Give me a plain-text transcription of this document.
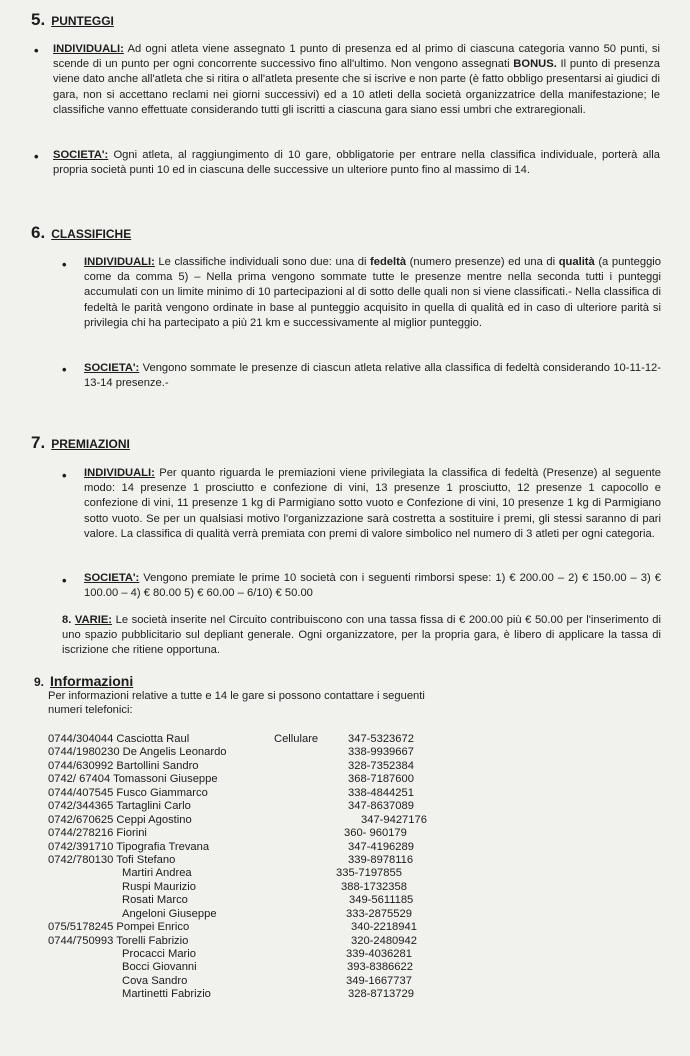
5. PUNTEGGI
• INDIVIDUALI: Ad ogni atleta viene assegnato 1 punto di presenza ed al primo di ciascuna categoria vanno 50 punti, si scende di un punto per ogni concorrente successivo fino all'ultimo. Non vengono assegnati BONUS. Il punto di presenza viene dato anche all'atleta che si ritira o all'atleta presente che si iscrive e non parte (è fatto obbligo presentarsi ai giudici di gara, non si accettano reclami nei giorni successivi) ed a 10 atleti della società organizzatrice della manifestazione; le classifiche vanno effettuate considerando tutti gli iscritti a ciascuna gara siano essi umbri che extraregionali.
• SOCIETA': Ogni atleta, al raggiungimento di 10 gare, obbligatorie per entrare nella classifica individuale, porterà alla propria società punti 10 ed in ciascuna delle successive un ulteriore punto fino al massimo di 14.
6. CLASSIFICHE
• INDIVIDUALI: Le classifiche individuali sono due: una di fedeltà (numero presenze) ed una di qualità (a punteggio come da comma 5) – Nella prima vengono sommate tutte le presenze mentre nella seconda tutti i punteggi accumulati con un limite minimo di 10 partecipazioni al di sotto delle quali non si viene classificati.- Nella classifica di fedeltà le parità vengono ordinate in base al punteggio acquisito in quella di qualità ed in caso di ulteriore parità si privilegia chi ha partecipato a più 21 km e successivamente al miglior punteggio.
• SOCIETA': Vengono sommate le presenze di ciascun atleta relative alla classifica di fedeltà considerando 10-11-12-13-14 presenze.-
7. PREMIAZIONI
• INDIVIDUALI: Per quanto riguarda le premiazioni viene privilegiata la classifica di fedeltà (Presenze) al seguente modo: 14 presenze 1 prosciutto e confezione di vini, 13 presenze 1 prosciutto, 12 presenze 1 capocollo e confezione di vini, 11 presenze 1 kg di Parmigiano sotto vuoto e Confezione di vini, 10 presenze 1 kg di Parmigiano sotto vuoto. Se per un qualsiasi motivo l'organizzazione sarà costretta a sostituire i premi, gli stessi saranno di pari valore. La classifica di qualità verrà premiata con premi di valore simbolico nel numero di 3 atleti per ogni categoria.
• SOCIETA': Vengono premiate le prime 10 società con i seguenti rimborsi spese: 1) € 200.00 – 2) € 150.00 – 3) € 100.00 – 4) € 80.00 5) € 60.00 – 6/10) € 50.00
8. VARIE: Le società inserite nel Circuito contribuiscono con una tassa fissa di € 200.00 più € 50.00 per l'inserimento di uno spazio pubblicitario sul depliant generale. Ogni organizzatore, per la propria gara, è libero di applicare la tassa di iscrizione che ritiene opportuna.
9. Informazioni
Per informazioni relative a tutte e 14 le gare si possono contattare i seguenti numeri telefonici:
0744/304044 Casciotta Raul	Cellulare	347-5323672
0744/1980230 De Angelis Leonardo	338-9939667
0744/630992 Bartollini Sandro	328-7352384
0742/ 67404 Tomassoni Giuseppe	368-7187600
0744/407545 Fusco Giammarco	338-4844251
0742/344365 Tartaglini Carlo	347-8637089
0742/670625 Ceppi Agostino	347-9427176
0744/278216 Fiorini	360- 960179
0742/391710 Tipografia Trevana	347-4196289
0742/780130 Tofi Stefano	339-8978116
Martiri Andrea	335-7197855
Ruspi Maurizio	388-1732358
Rosati Marco	349-5611185
Angeloni Giuseppe	333-2875529
075/5178245 Pompei Enrico	340-2218941
0744/750993 Torelli Fabrizio	320-2480942
Procacci Mario	339-4036281
Bocci Giovanni	393-8386622
Cova Sandro	349-1667737
Martinetti Fabrizio	328-8713729
